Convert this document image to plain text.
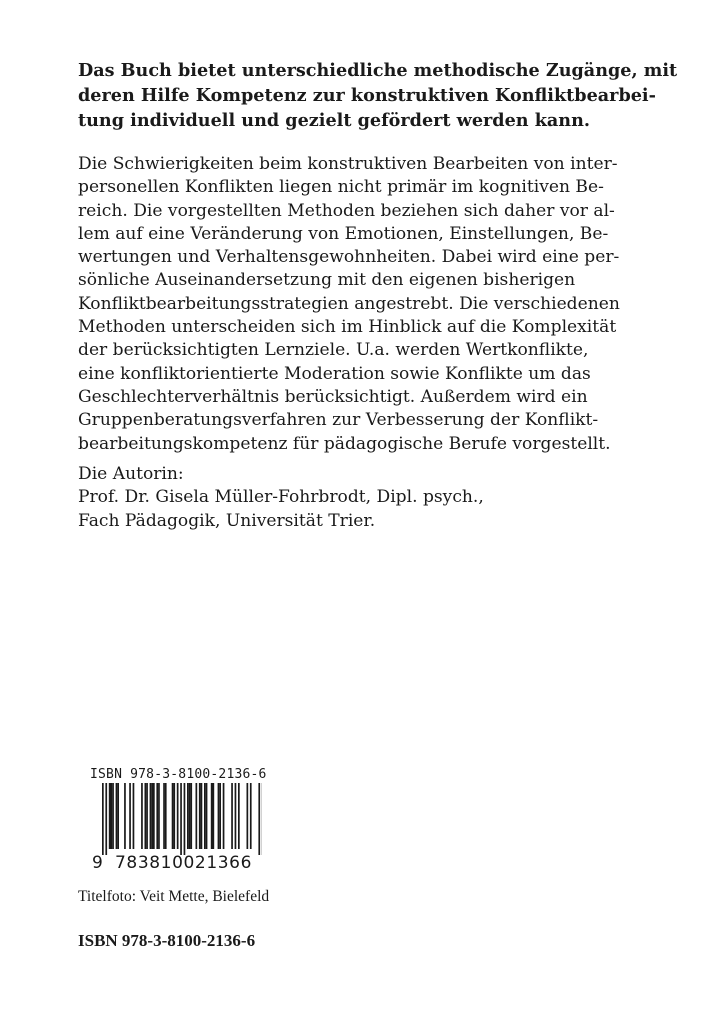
Das Buch bietet unterschiedliche methodische Zugänge, mit
deren Hilfe Kompetenz zur konstruktiven Konfliktbearbei-
tung individuell und gezielt gefördert werden kann.
Die Schwierigkeiten beim konstruktiven Bearbeiten von inter-
personellen Konflikten liegen nicht primär im kognitiven Be-
reich. Die vorgestellten Methoden beziehen sich daher vor al-
lem auf eine Veränderung von Emotionen, Einstellungen, Be-
wertungen und Verhaltensgewohnheiten. Dabei wird eine per-
sönliche Auseinandersetzung mit den eigenen bisherigen
Konfliktbearbeitungsstrategien angestrebt. Die verschiedenen
Methoden unterscheiden sich im Hinblick auf die Komplexität
der berücksichtigten Lernziele. U.a. werden Wertkonflikte,
eine konfliktorientierte Moderation sowie Konflikte um das
Geschlechterverhältnis berücksichtigt. Außerdem wird ein
Gruppenberatungsverfahren zur Verbesserung der Konflikt-
bearbeitungskompetenz für pädagogische Berufe vorgestellt.
Die Autorin:
Prof. Dr. Gisela Müller-Fohrbrodt, Dipl. psych.,
Fach Pädagogik, Universität Trier.
ISBN 978-3-8100-2136-6
9 783810021366
Titelfoto: Veit Mette, Bielefeld
ISBN 978-3-8100-2136-6
